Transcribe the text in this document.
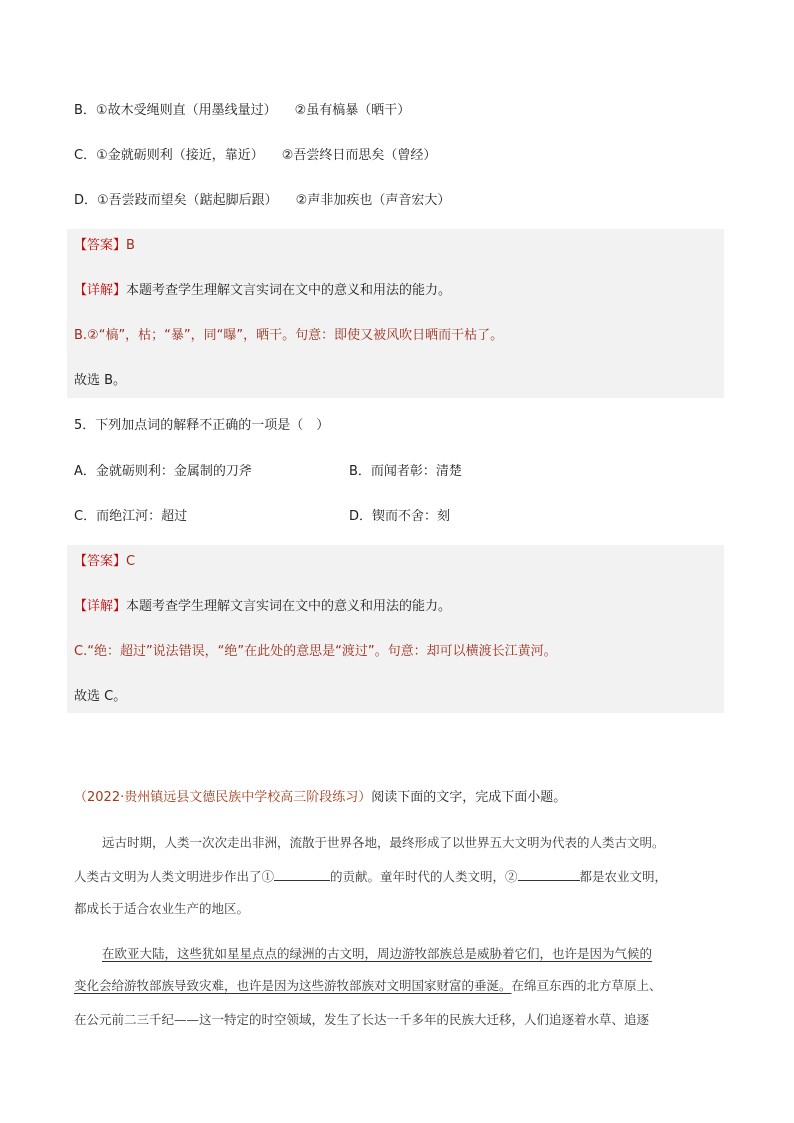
B．①故木受绳则直（用墨线量过） ②虽有槁暴（晒干）
C．①金就砺则利（接近，靠近） ②吾尝终日而思矣（曾经）
D．①吾尝跂而望矣（踮起脚后跟） ②声非加疾也（声音宏大）
【答案】B
【详解】本题考查学生理解文言实词在文中的意义和用法的能力。
B.②“槁”，枯；“暴”，同“曝”，晒干。句意：即使又被风吹日晒而干枯了。
故选 B。
5．下列加点词的解释不正确的一项是（　）
A．金就砺则利：金属制的刀斧	B．而闻者彰：清楚
C．而绝江河：超过	D．锲而不舍：刻
【答案】C
【详解】本题考查学生理解文言实词在文中的意义和用法的能力。
C.“绝：超过”说法错误，“绝”在此处的意思是“渡过”。句意：却可以横渡长江黄河。
故选 C。
（2022·贵州镇远县文德民族中学校高三阶段练习）阅读下面的文字，完成下面小题。
远古时期，人类一次次走出非洲，流散于世界各地，最终形成了以世界五大文明为代表的人类古文明。
人类古文明为人类文明进步作出了①	的贡献。童年时代的人类文明，②	都是农业文明，
都成长于适合农业生产的地区。
在欧亚大陆，这些犹如星星点点的绿洲的古文明，周边游牧部族总是威胁着它们，也许是因为气候的
变化会给游牧部族导致灾难，也许是因为这些游牧部族对文明国家财富的垂涎。在绵亘东西的北方草原上、
在公元前二三千纪——这一特定的时空领域，发生了长达一千多年的民族大迁移，人们追逐着水草、追逐
